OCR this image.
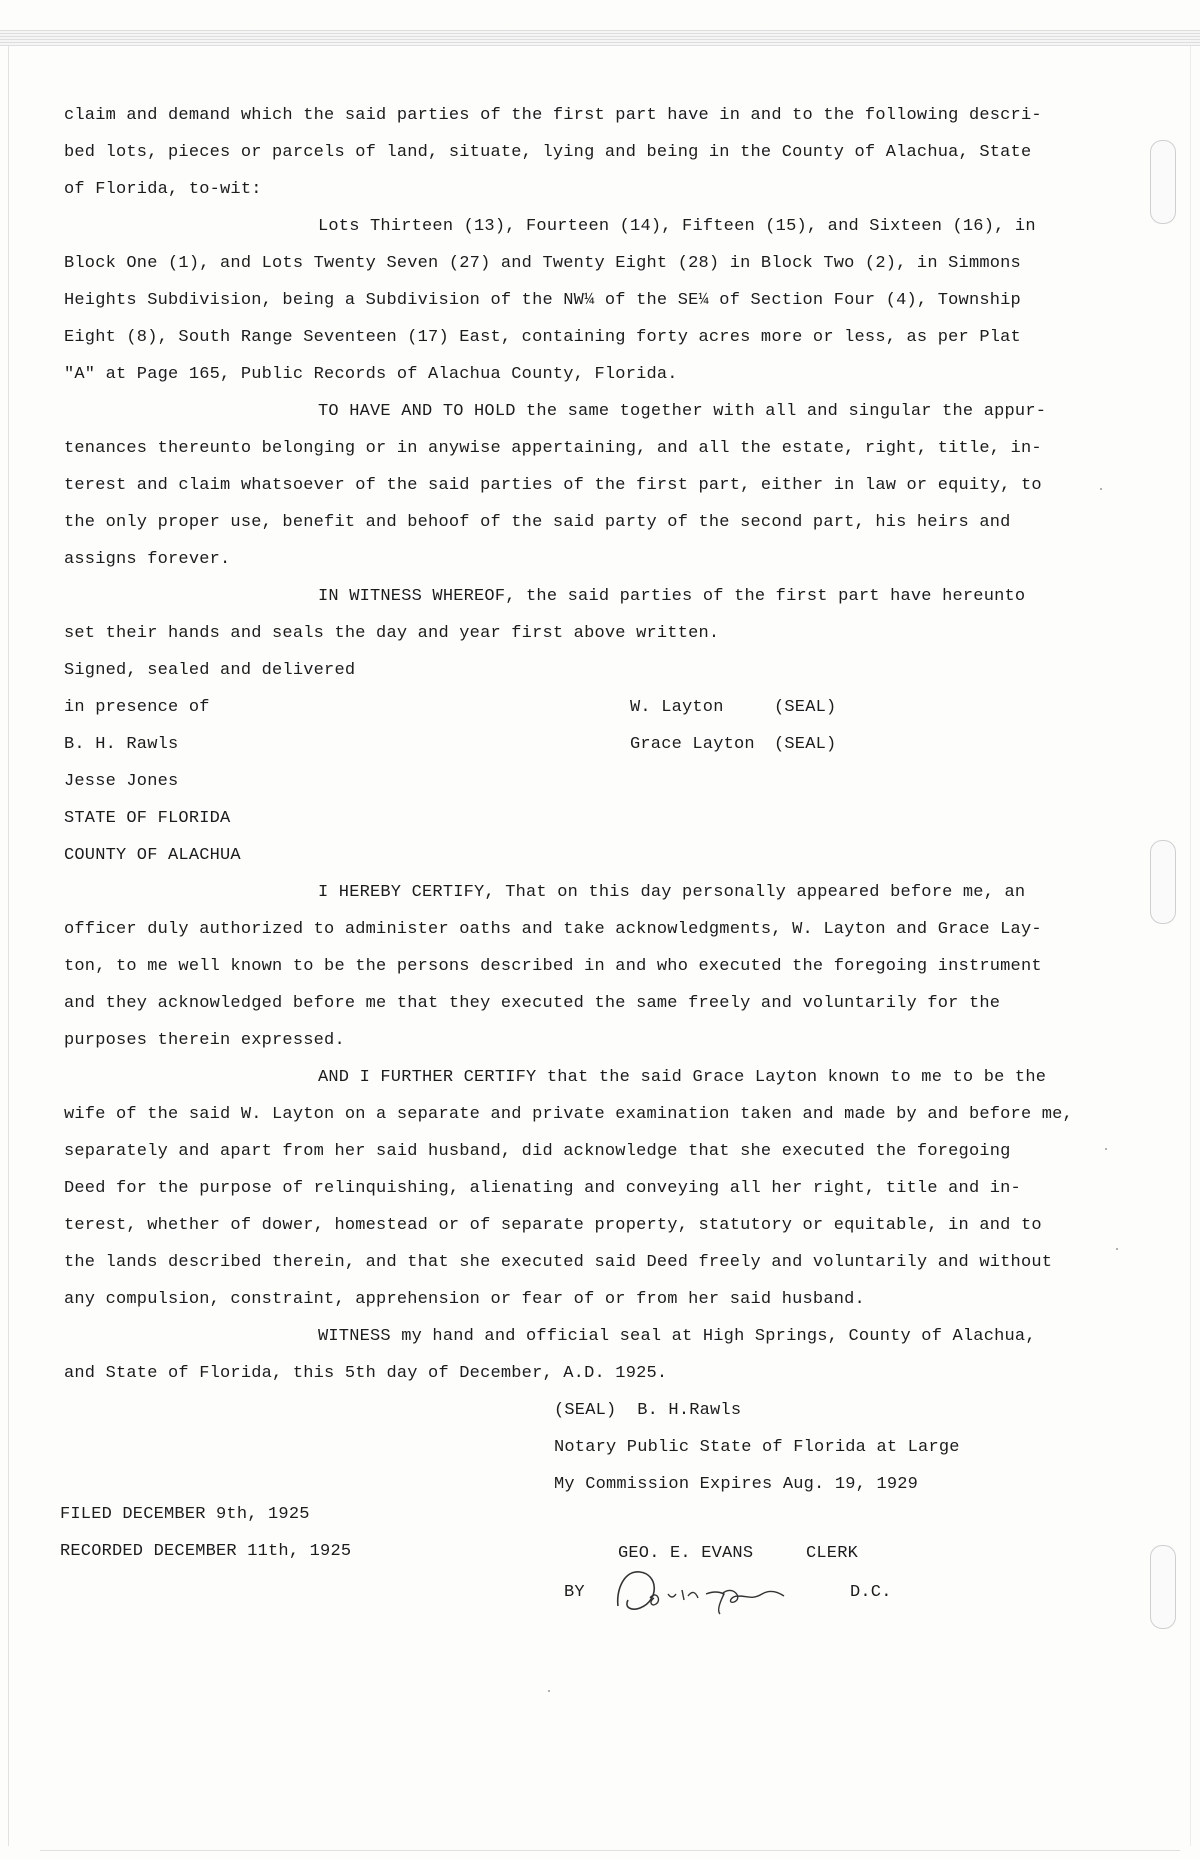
claim and demand which the said parties of the first part have in and to the following descri-
bed lots, pieces or parcels of land, situate, lying and being in the County of Alachua, State
of Florida, to-wit:
Lots Thirteen (13), Fourteen (14), Fifteen (15), and Sixteen (16), in
Block One (1), and Lots Twenty Seven (27) and Twenty Eight (28) in Block Two (2), in Simmons
Heights Subdivision, being a Subdivision of the NW¼ of the SE¼ of Section Four (4), Township
Eight (8), South Range Seventeen (17) East, containing forty acres more or less, as per Plat
"A" at Page 165, Public Records of Alachua County, Florida.
TO HAVE AND TO HOLD the same together with all and singular the appur-
tenances thereunto belonging or in anywise appertaining, and all the estate, right, title, in-
terest and claim whatsoever of the said parties of the first part, either in law or equity, to
the only proper use, benefit and behoof of the said party of the second part, his heirs and
assigns forever.
IN WITNESS WHEREOF, the said parties of the first part have hereunto
set their hands and seals the day and year first above written.
Signed, sealed and delivered
in presence of
B. H. Rawls
Jesse Jones
STATE OF FLORIDA
COUNTY OF ALACHUA
I HEREBY CERTIFY, That on this day personally appeared before me, an
officer duly authorized to administer oaths and take acknowledgments, W. Layton and Grace Lay-
ton, to me well known to be the persons described in and who executed the foregoing instrument
and they acknowledged before me that they executed the same freely and voluntarily for the
purposes therein expressed.
AND I FURTHER CERTIFY that the said Grace Layton known to me to be the
wife of the said W. Layton on a separate and private examination taken and made by and before me,
separately and apart from her said husband, did acknowledge that she executed the foregoing
Deed for the purpose of relinquishing, alienating and conveying all her right, title and in-
terest, whether of dower, homestead or of separate property, statutory or equitable, in and to
the lands described therein, and that she executed said Deed freely and voluntarily and without
any compulsion, constraint, apprehension or fear of or from her said husband.
WITNESS my hand and official seal at High Springs, County of Alachua,
and State of Florida, this 5th day of December, A.D. 1925.
W. Layton	(SEAL)
Grace Layton (SEAL)
(SEAL)  B. H.Rawls
Notary Public State of Florida at Large
My Commission Expires Aug. 19, 1929
FILED DECEMBER 9th, 1925
RECORDED DECEMBER 11th, 1925	GEO. E. EVANS	CLERK
BY	D.C.
Doris Jones
